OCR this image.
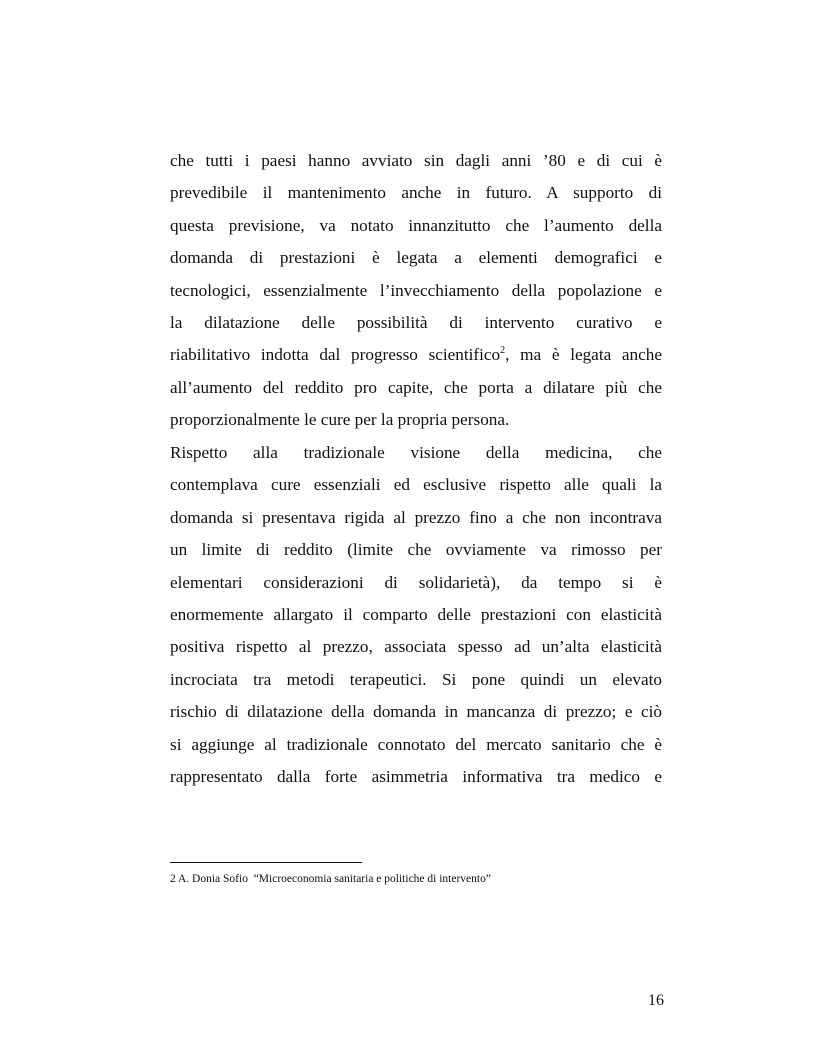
che tutti i paesi hanno avviato sin dagli anni ’80 e di cui è
prevedibile il mantenimento anche in futuro. A supporto di
questa previsione, va notato innanzitutto che l’aumento della
domanda di prestazioni è legata a elementi demografici e
tecnologici, essenzialmente l’invecchiamento della popolazione e
la dilatazione delle possibilità di intervento curativo e
riabilitativo indotta dal progresso scientifico$^2$, ma è legata anche
all’aumento del reddito pro capite, che porta a dilatare più che
proporzionalmente le cure per la propria persona.

Rispetto alla tradizionale visione della medicina, che
contemplava cure essenziali ed esclusive rispetto alle quali la
domanda si presentava rigida al prezzo fino a che non incontrava
un limite di reddito (limite che ovviamente va rimosso per
elementari considerazioni di solidarietà), da tempo si è
enormemente allargato il comparto delle prestazioni con elasticità
positiva rispetto al prezzo, associata spesso ad un’alta elasticità
incrociata tra metodi terapeutici. Si pone quindi un elevato
rischio di dilatazione della domanda in mancanza di prezzo; e ciò
si aggiunge al tradizionale connotato del mercato sanitario che è
rappresentato dalla forte asimmetria informativa tra medico e

2 A. Donia Sofio  “Microeconomia sanitaria e politiche di intervento”
16
